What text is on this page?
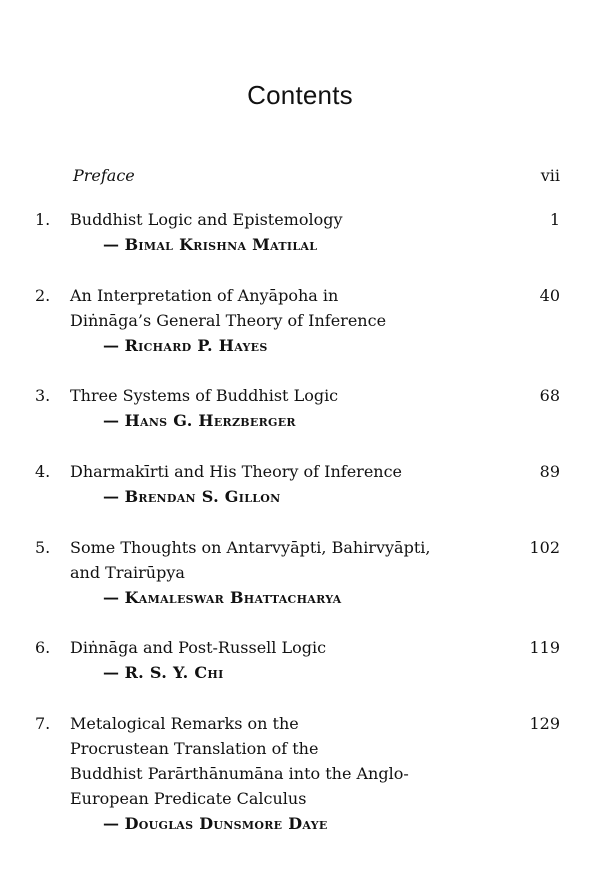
Contents
Preface	vii
1. Buddhist Logic and Epistemology
— Bimal Krishna Matilal
1
2. An Interpretation of Anyāpoha in
Diṅnāga’s General Theory of Inference
— Richard P. Hayes
40
3. Three Systems of Buddhist Logic
— Hans G. Herzberger
68
4. Dharmakīrti and His Theory of Inference
— Brendan S. Gillon
89
5. Some Thoughts on Antarvyāpti, Bahirvyāpti,
and Trairūpya
— Kamaleswar Bhattacharya
102
6. Diṅnāga and Post-Russell Logic
— R. S. Y. Chi
119
7. Metalogical Remarks on the
Procrustean Translation of the
Buddhist Parārthānumāna into the Anglo-
European Predicate Calculus
— Douglas Dunsmore Daye
129
